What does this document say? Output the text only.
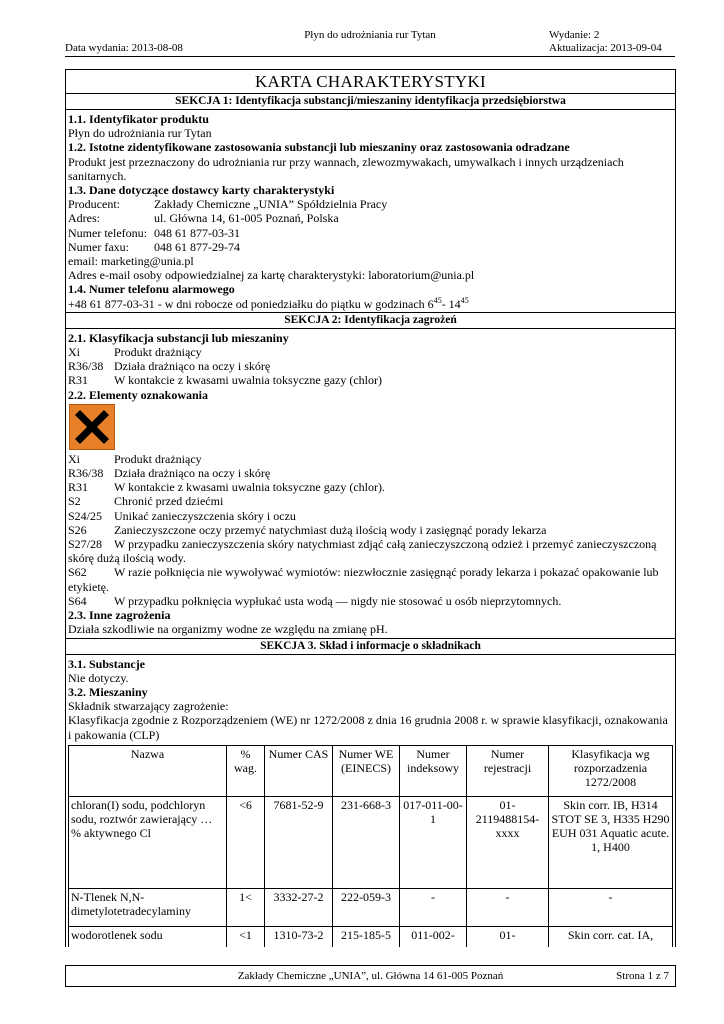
Płyn do udrożniania rur Tytan
Data wydania: 2013-08-08
Wydanie: 2
Aktualizacja: 2013-09-04
KARTA CHARAKTERYSTYKI
SEKCJA 1: Identyfikacja substancji/mieszaniny identyfikacja przedsiębiorstwa
1.1. Identyfikator produktu
Płyn do udrożniania rur Tytan
1.2. Istotne zidentyfikowane zastosowania substancji lub mieszaniny oraz zastosowania odradzane
Produkt jest przeznaczony do udrożniania rur przy wannach, zlewozmywakach, umywalkach i innych urządzeniach sanitarnych.
1.3. Dane dotyczące dostawcy karty charakterystyki
Producent:	Zakłady Chemiczne „UNIA” Spółdzielnia Pracy
Adres:	ul. Główna 14, 61-005 Poznań, Polska
Numer telefonu: 048 61 877-03-31
Numer faxu:	048 61 877-29-74
email: marketing@unia.pl
Adres e-mail osoby odpowiedzialnej za kartę charakterystyki: laboratorium@unia.pl
1.4. Numer telefonu alarmowego
+48 61 877-03-31 - w dni robocze od poniedziałku do piątku w godzinach $6^{45}-$ $14^{45}$
SEKCJA 2: Identyfikacja zagrożeń
2.1. Klasyfikacja substancji lub mieszaniny
Xi	Produkt drażniący
R36/38 Działa drażniąco na oczy i skórę
R31	W kontakcie z kwasami uwalnia toksyczne gazy (chlor)
2.2. Elementy oznakowania
Xi	Produkt drażniący
R36/38 Działa drażniąco na oczy i skórę
R31	W kontakcie z kwasami uwalnia toksyczne gazy (chlor).
S2	Chronić przed dziećmi
S24/25 Unikać zanieczyszczenia skóry i oczu
S26	Zanieczyszczone oczy przemyć natychmiast dużą ilością wody i zasięgnąć porady lekarza
S27/28 W przypadku zanieczyszczenia skóry natychmiast zdjąć całą zanieczyszczoną odzież i przemyć zanieczyszczoną skórę dużą ilością wody.
S62 W razie połknięcia nie wywoływać wymiotów: niezwłocznie zasięgnąć porady lekarza i pokazać opakowanie lub etykietę.
S64	W przypadku połknięcia wypłukać usta wodą — nigdy nie stosować u osób nieprzytomnych.
2.3. Inne zagrożenia
Działa szkodliwie na organizmy wodne ze względu na zmianę pH.
SEKCJA 3. Skład i informacje o składnikach
3.1. Substancje
Nie dotyczy.
3.2. Mieszaniny
Składnik stwarzający zagrożenie:
Klasyfikacja zgodnie z Rozporządzeniem (WE) nr 1272/2008 z dnia 16 grudnia 2008 r. w sprawie klasyfikacji, oznakowania i pakowania (CLP)
Nazwa	% wag.	Numer CAS	Numer WE (EINECS)	Numer indeksowy	Numer rejestracji	Klasyfikacja wg rozporzadzenia 1272/2008
chloran(I) sodu, podchloryn sodu, roztwór zawierający … % aktywnego Cl	<6	7681-52-9	231-668-3	017-011-00-1	01-2119488154-xxxx	Skin corr. IB, H314 STOT SE 3, H335 H290 EUH 031 Aquatic acute. 1, H400
N-Tlenek N,N-dimetylotetradecylaminy	1<	3332-27-2	222-059-3	-	-	-
wodorotlenek sodu	<1	1310-73-2	215-185-5	011-002-	01-	Skin corr. cat. IA,
Zakłady Chemiczne „UNIA”, ul. Główna 14 61-005 Poznań	Strona 1 z 7
